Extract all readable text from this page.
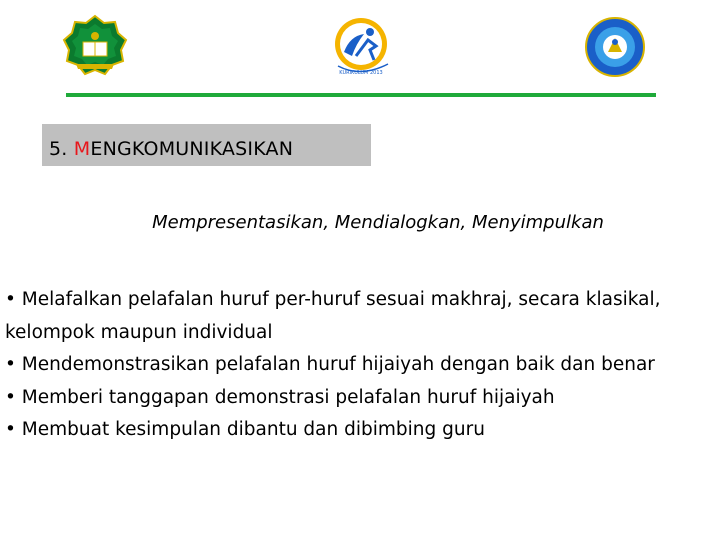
KURIKULUM 2013
5. MENGKOMUNIKASIKAN
Mempresentasikan, Mendialogkan, Menyimpulkan
• Melafalkan pelafalan huruf per-huruf sesuai makhraj, secara klasikal, kelompok maupun individual
• Mendemonstrasikan pelafalan huruf hijaiyah dengan baik dan benar
• Memberi tanggapan demonstrasi pelafalan huruf hijaiyah
• Membuat kesimpulan dibantu dan dibimbing guru
